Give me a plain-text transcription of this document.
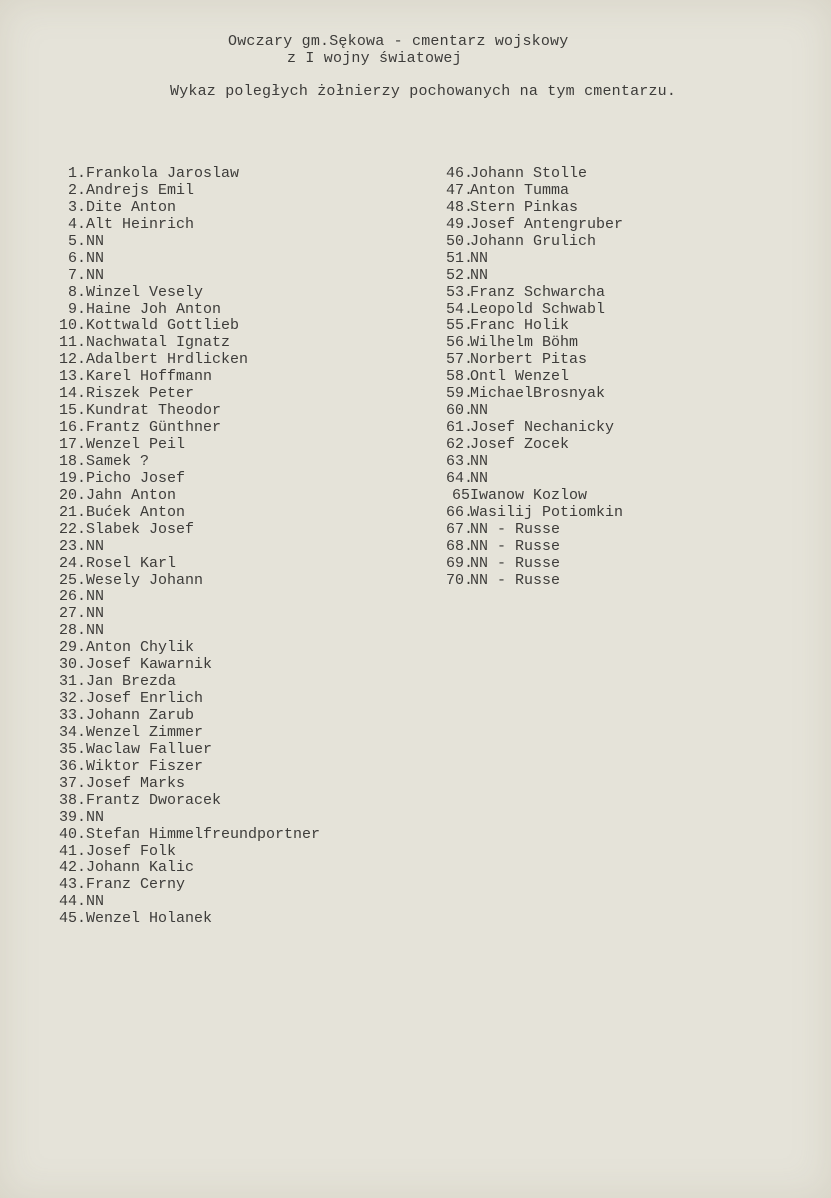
Owczary gm.Sękowa - cmentarz wojskowy
z I wojny światowej
Wykaz poległych żołnierzy pochowanych na tym cmentarzu.
1.Frankola Jaroslaw
2.Andrejs Emil
3.Dite Anton
4.Alt Heinrich
5.NN
6.NN
7.NN
8.Winzel Vesely
9.Haine Joh Anton
10.Kottwald Gottlieb
11.Nachwatal Ignatz
12.Adalbert Hrdlicken
13.Karel Hoffmann
14.Riszek Peter
15.Kundrat Theodor
16.Frantz Günthner
17.Wenzel Peil
18.Samek ?
19.Picho Josef
20.Jahn Anton
21.Bućek Anton
22.Slabek Josef
23.NN
24.Rosel Karl
25.Wesely Johann
26.NN
27.NN
28.NN
29.Anton Chylik
30.Josef Kawarnik
31.Jan Brezda
32.Josef Enrlich
33.Johann Zarub
34.Wenzel Zimmer
35.Waclaw Falluer
36.Wiktor Fiszer
37.Josef Marks
38.Frantz Dworacek
39.NN
40.Stefan Himmelfreundportner
41.Josef Folk
42.Johann Kalic
43.Franz Cerny
44.NN
45.Wenzel Holanek
46.Johann Stolle
47.Anton Tumma
48.Stern Pinkas
49.Josef Antengruber
50.Johann Grulich
51.NN
52.NN
53.Franz Schwarcha
54.Leopold Schwabl
55.Franc Holik
56.Wilhelm Böhm
57.Norbert Pitas
58.Ontl Wenzel
59.MichaelBrosnyak
60.NN
61.Josef Nechanicky
62.Josef Zocek
63.NN
64.NN
65Iwanow Kozlow
66.Wasilij Potiomkin
67.NN - Russe
68.NN - Russe
69.NN - Russe
70.NN - Russe
